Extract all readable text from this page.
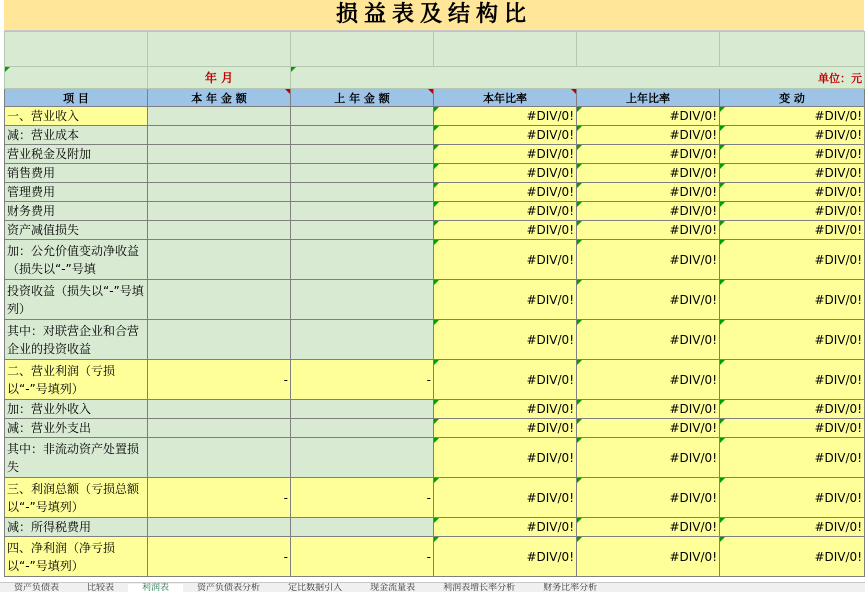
损益表及结构比

	年 月	单位：元			
项 目	本 年 金 额	上 年 金 额	本年比率	上年比率	变 动
一、营业收入			#DIV/0!	#DIV/0!	#DIV/0!
减：营业成本			#DIV/0!	#DIV/0!	#DIV/0!
营业税金及附加			#DIV/0!	#DIV/0!	#DIV/0!
销售费用			#DIV/0!	#DIV/0!	#DIV/0!
管理费用			#DIV/0!	#DIV/0!	#DIV/0!
财务费用			#DIV/0!	#DIV/0!	#DIV/0!
资产减值损失			#DIV/0!	#DIV/0!	#DIV/0!
加：公允价值变动净收益（损失以“-”号填			#DIV/0!	#DIV/0!	#DIV/0!
投资收益（损失以“-”号填列）			#DIV/0!	#DIV/0!	#DIV/0!
其中：对联营企业和合营企业的投资收益			#DIV/0!	#DIV/0!	#DIV/0!
二、营业利润（亏损以“-”号填列）	-	-	#DIV/0!	#DIV/0!	#DIV/0!
加：营业外收入			#DIV/0!	#DIV/0!	#DIV/0!
减：营业外支出			#DIV/0!	#DIV/0!	#DIV/0!
其中：非流动资产处置损失			#DIV/0!	#DIV/0!	#DIV/0!
三、利润总额（亏损总额以“-”号填列）	-	-	#DIV/0!	#DIV/0!	#DIV/0!
减：所得税费用			#DIV/0!	#DIV/0!	#DIV/0!
四、净利润（净亏损以“-”号填列）	-	-	#DIV/0!	#DIV/0!	#DIV/0!
资产负债表	比较表	利润表	资产负债表分析	定比数据引入	现金流量表	利润表增长率分析	财务比率分析
